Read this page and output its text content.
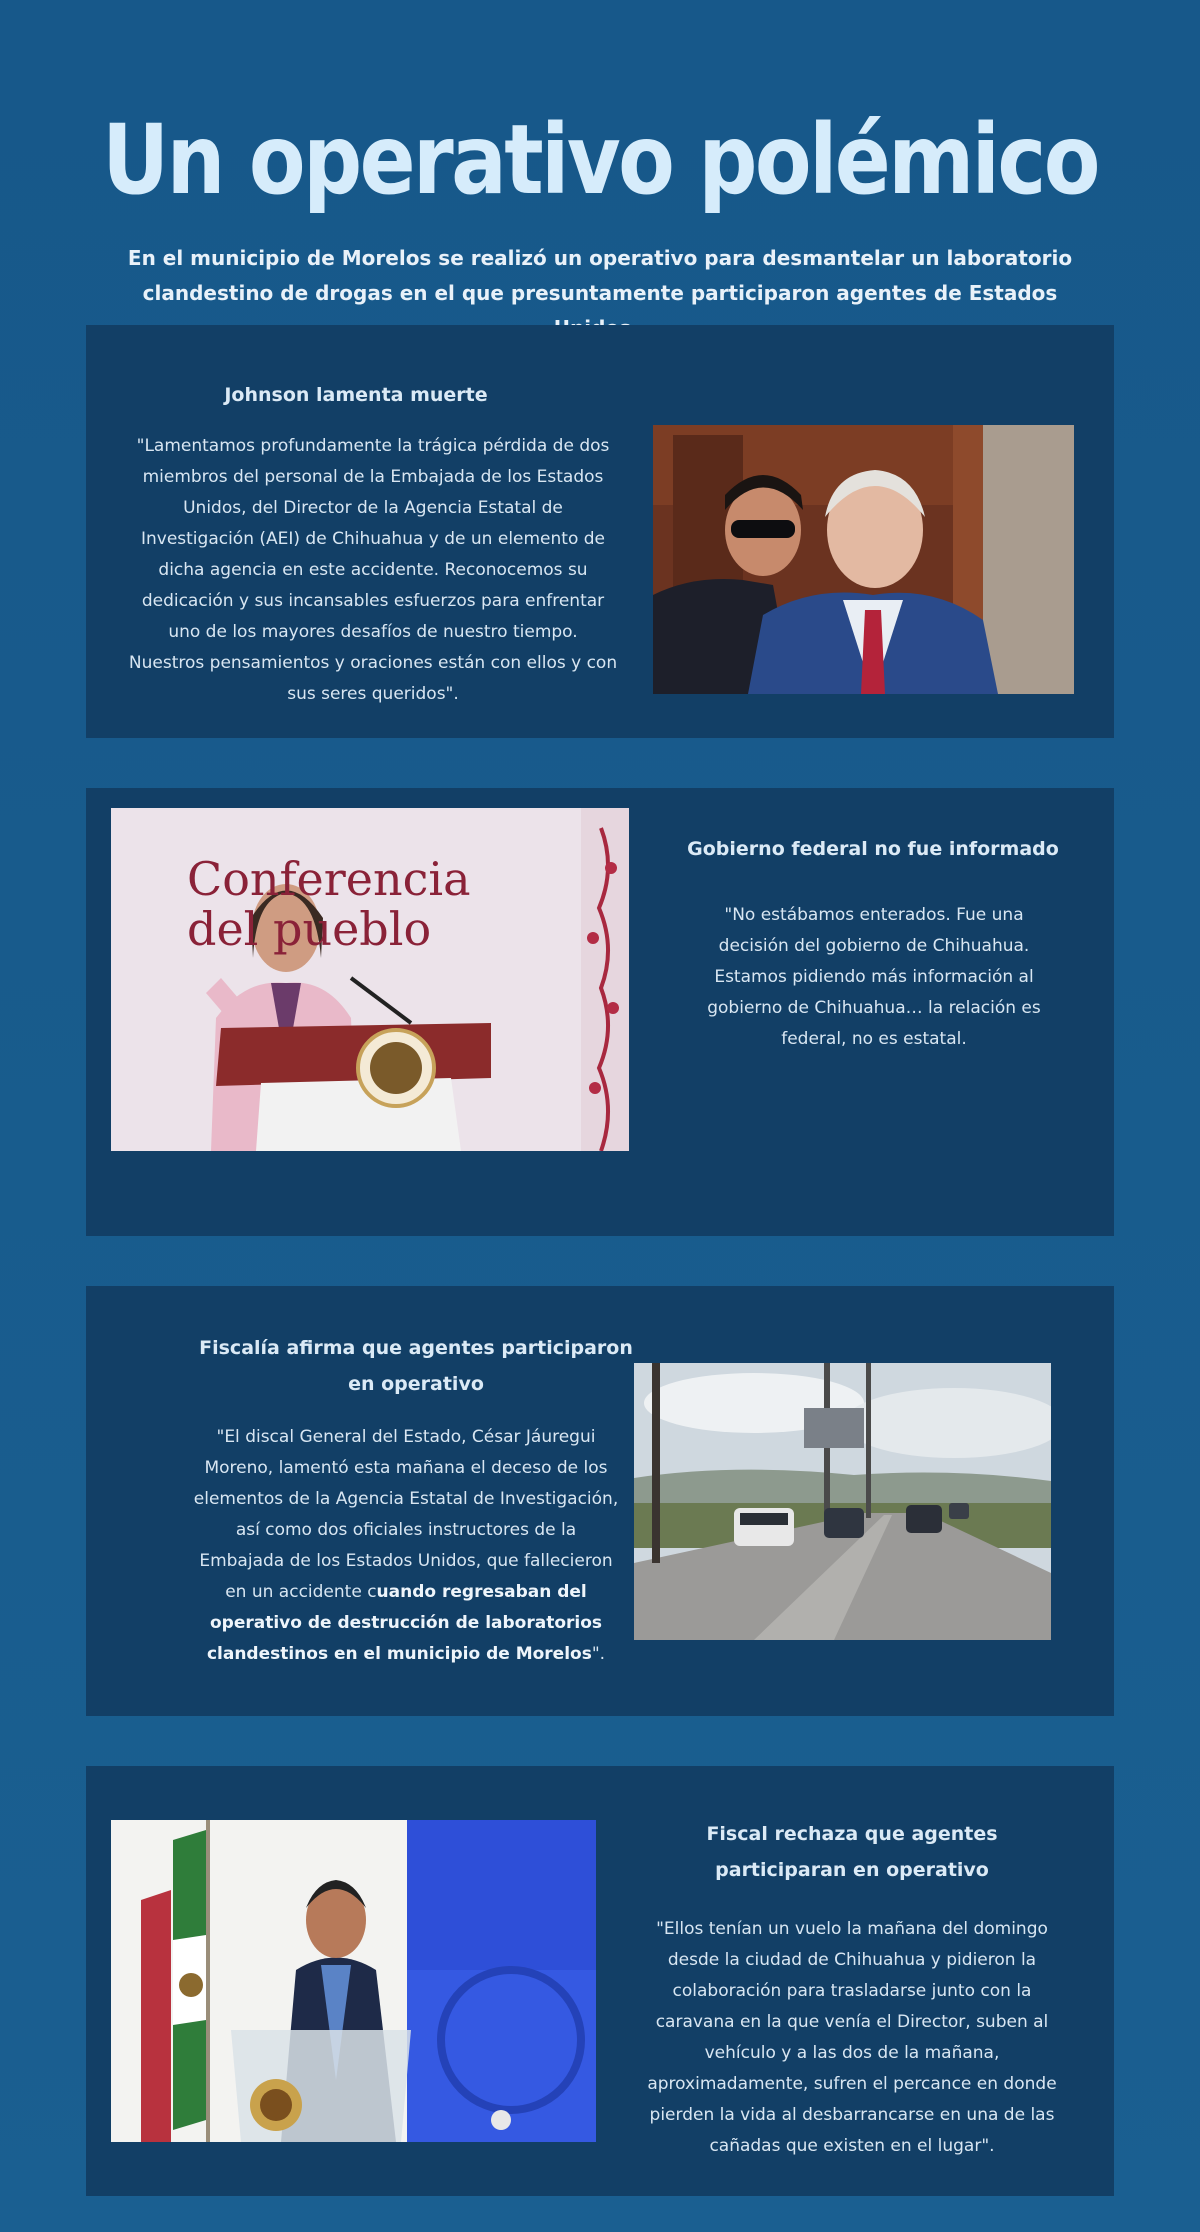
Un operativo polémico

En el municipio de Morelos se realizó un operativo para desmantelar un laboratorio clandestino de drogas en el que presuntamente participaron agentes de Estados

Johnson lamenta muerte

"Lamentamos profundamente la trágica pérdida de dos miembros del personal de la Embajada de los Estados Unidos, del Director de la Agencia Estatal de Investigación (AEI) de Chihuahua y de un elemento de dicha agencia en este accidente. Reconocemos su dedicación y sus incansables esfuerzos para enfrentar uno de los mayores desafíos de nuestro tiempo. Nuestros pensamientos y oraciones están con ellos y con sus seres queridos".

Conferencia
del pueblo
Gobierno federal no fue informado

"No estábamos enterados. Fue una decisión del gobierno de Chihuahua. Estamos pidiendo más información al gobierno de Chihuahua… la relación es federal, no es estatal.

Fiscalía afirma que agentes participaron en operativo

"El discal General del Estado, César Jáuregui Moreno, lamentó esta mañana el deceso de los elementos de la Agencia Estatal de Investigación, así como dos oficiales instructores de la Embajada de los Estados Unidos, que fallecieron en un accidente cuando regresaban del operativo de destrucción de laboratorios clandestinos en el municipio de Morelos".

Fiscal rechaza que agentes participaran en operativo

"Ellos tenían un vuelo la mañana del domingo desde la ciudad de Chihuahua y pidieron la colaboración para trasladarse junto con la caravana en la que venía el Director, suben al vehículo y a las dos de la mañana, aproximadamente, sufren el percance en donde pierden la vida al desbarrancarse en una de las cañadas que existen en el lugar".
